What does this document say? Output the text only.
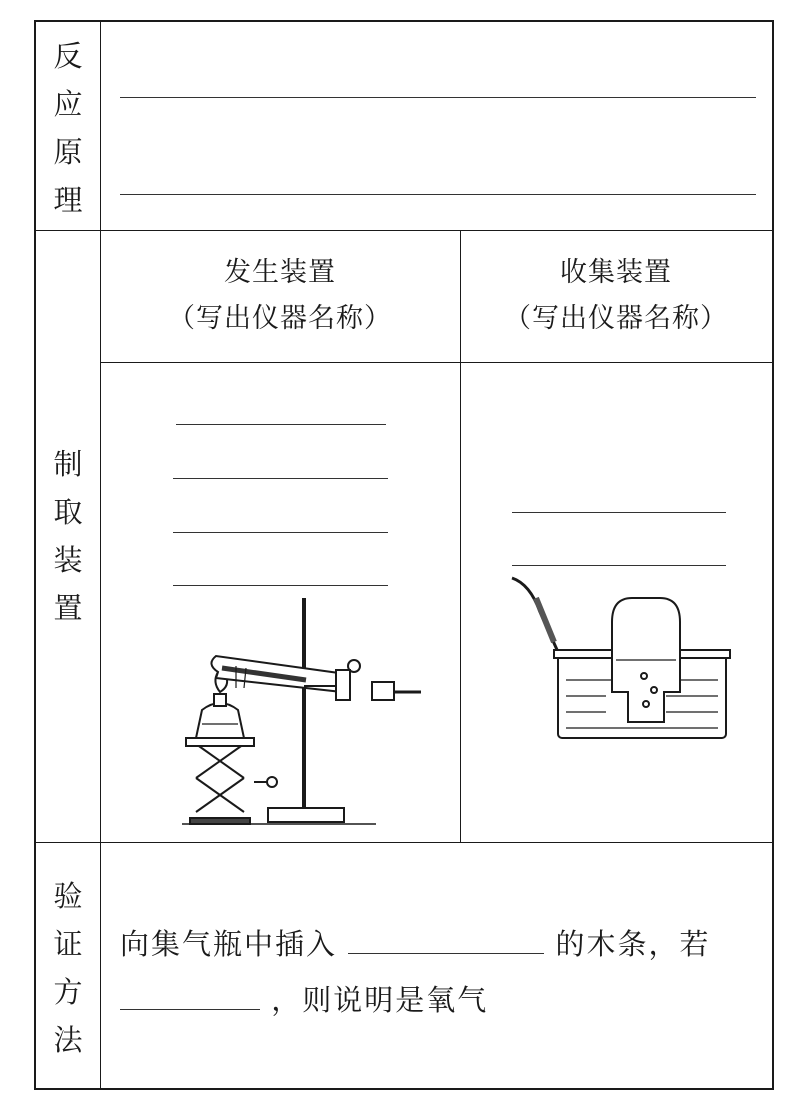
反
应
原
理
制
取
装
置
发生装置
（写出仪器名称）
收集装置
（写出仪器名称）
验
证
方
法
向集气瓶中插入	的木条，若
，则说明是氧气
